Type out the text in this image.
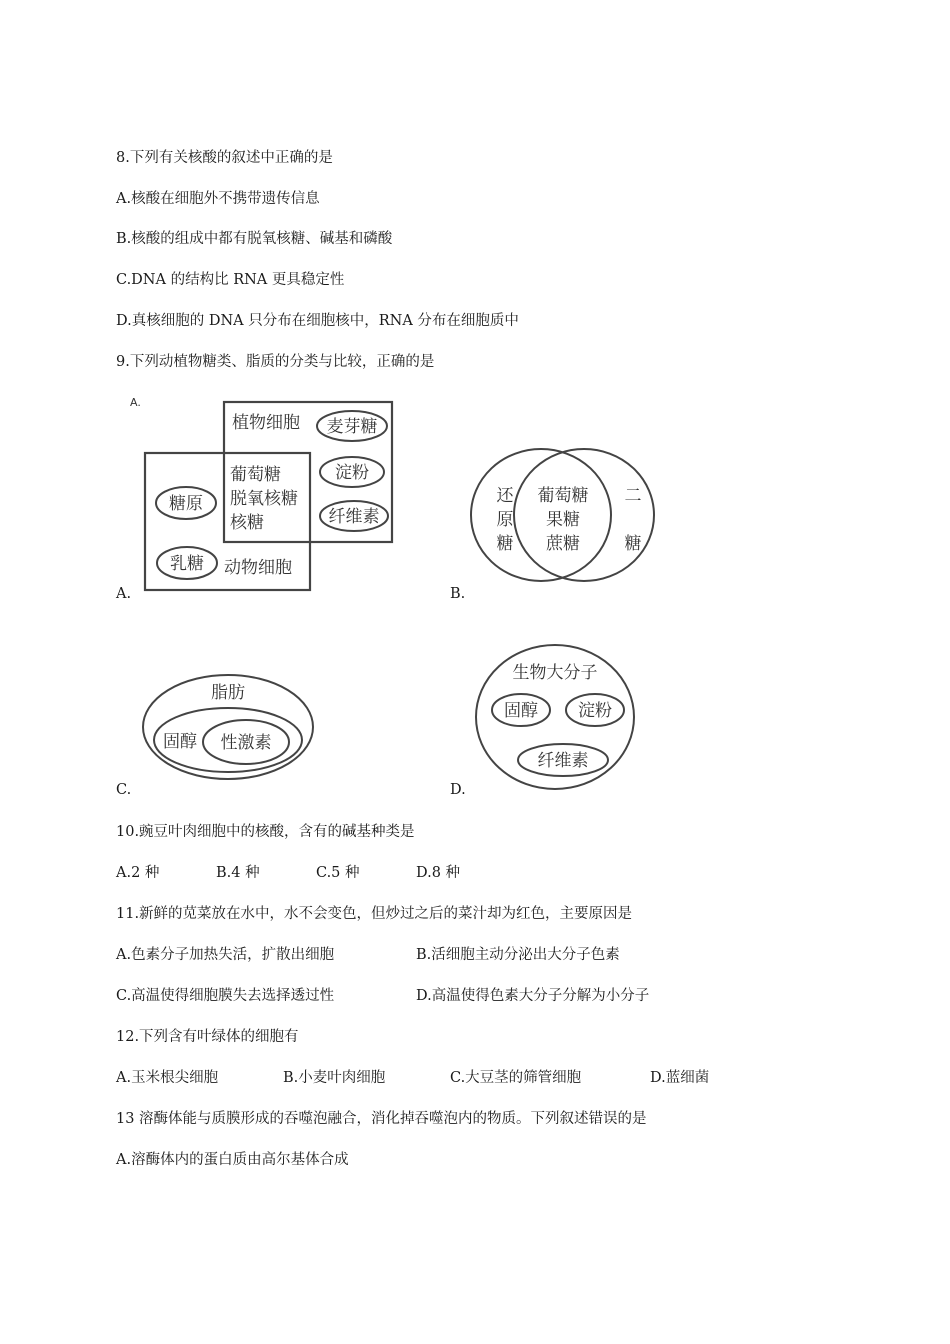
8.下列有关核酸的叙述中正确的是
A.核酸在细胞外不携带遗传信息
B.核酸的组成中都有脱氧核糖、碱基和磷酸
C.DNA 的结构比 RNA 更具稳定性
D.真核细胞的 DNA 只分布在细胞核中，RNA 分布在细胞质中
9.下列动植物糖类、脂质的分类与比较，正确的是
A.
植物细胞 麦芽糖
葡萄糖
脱氧核糖
核糖
淀粉
纤维素
糖原
乳糖 动物细胞
A.
还
原
糖
葡萄糖
果糖
蔗糖
二
糖
B.
脂肪
固醇 性激素
C.
生物大分子
固醇 淀粉
纤维素
D.
10.豌豆叶肉细胞中的核酸，含有的碱基种类是

A.2 种

	B.4 种

	C.5 种

	D.8 种

11.新鲜的苋菜放在水中，水不会变色，但炒过之后的菜汁却为红色，主要原因是

A.色素分子加热失活，扩散出细胞

	B.活细胞主动分泌出大分子色素

C.高温使得细胞膜失去选择透过性

	D.高温使得色素大分子分解为小分子

12.下列含有叶绿体的细胞有

A.玉米根尖细胞

	B.小麦叶肉细胞

	C.大豆茎的筛管细胞

	D.蓝细菌

13 溶酶体能与质膜形成的吞噬泡融合，消化掉吞噬泡内的物质。下列叙述错误的是
A.溶酶体内的蛋白质由高尔基体合成
